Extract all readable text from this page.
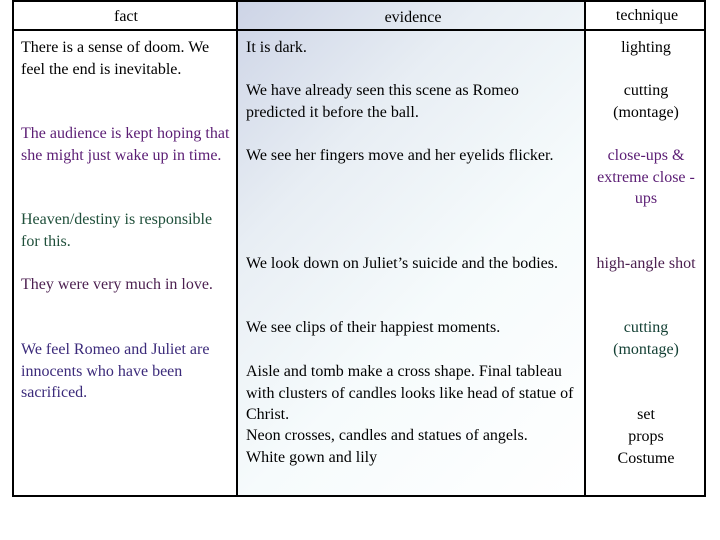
fact	evidence	technique
There is a sense of doom. We feel the end is inevitable.
The audience is kept hoping that she might just wake up in time.
Heaven/destiny is responsible for this.
They were very much in love.
We feel Romeo and Juliet are innocents who have been sacrificed.
It is dark.
We have already seen this scene as Romeo predicted it before the ball.
We see her fingers move and her eyelids flicker.
We look down on Juliet’s suicide and the bodies.
We see clips of their happiest moments.
Aisle and tomb make a cross shape. Final tableau with clusters of candles looks like head of statue of Christ.
Neon crosses, candles and statues of angels.
White gown and lily
lighting
cutting (montage)
close-ups & extreme close -ups
high-angle shot
cutting (montage)
set
props
Costume
